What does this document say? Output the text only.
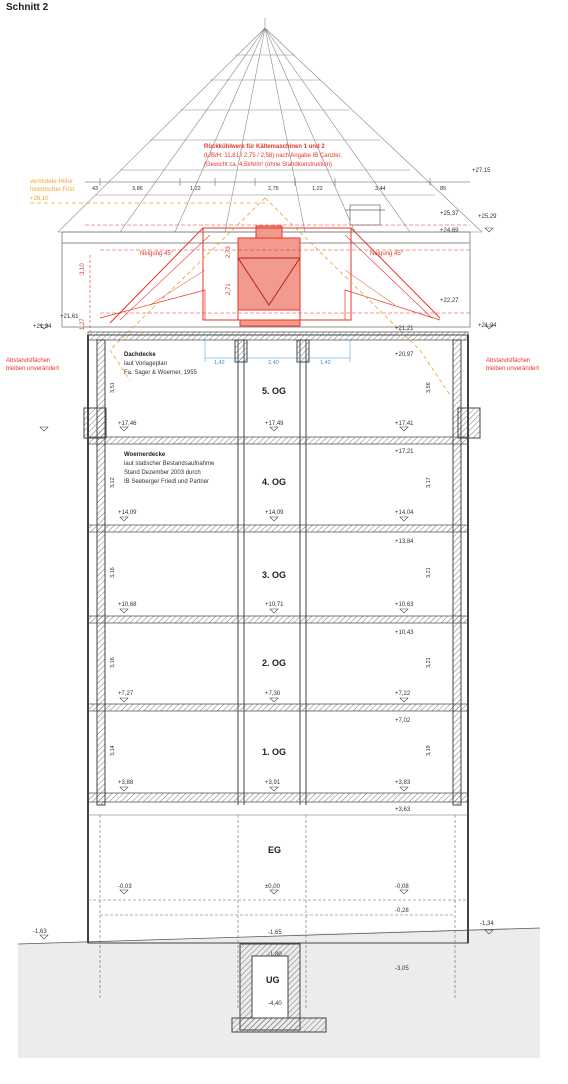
Schnitt 2
5. OG
4. OG
3. OG
2. OG
1. OG
EG
UG
+21,61
+21,34
+17,46
+14,09
+10,68
+7,27
+3,88
-0,03
-1,63
+17,49
+14,09
+10,71
+7,30
+3,91
±0,00
-1,65
-1,80
-4,40
+27,15
+25,37	+25,29
+24,69
+22,27
+21,34
+21,21
+20,97
+17,41
+17,21
+14,04
+13,84
+10,63
+10,43
+7,22
+7,02
+3,83
+3,63
-0,08
-0,28
-1,34
-3,05
3,51
3,12
3,16
3,16
3,14
3,56
3,17
3,21
3,21
3,19
43	3,86	1,22	2,75	1,22	3,44	85
3,10
2,73
2,71
1,27
1,42	2,40	1,42
Rückkühlwerk für Kältemaschinen 1 und 2
(L/B/H: 11,81 / 2,75 / 2,58) nach Angabe IB Canzler,
(Gewicht ca. 4,5kN/m² (ohne Standkonstruktion)
Neigung 45°	Neigung 45°
vermutete Höhe
historischer First
+26,10
Abstandsflächen
bleiben unverändert
Abstandsflächen
bleiben unverändert
Dachdecke
laut Vorlageplan
Fa. Sager & Woerner, 1955
Woernerdecke
laut statischer Bestandsaufnahme
Stand Dezember 2003 durch
IB Seeberger Friedl und Partner
